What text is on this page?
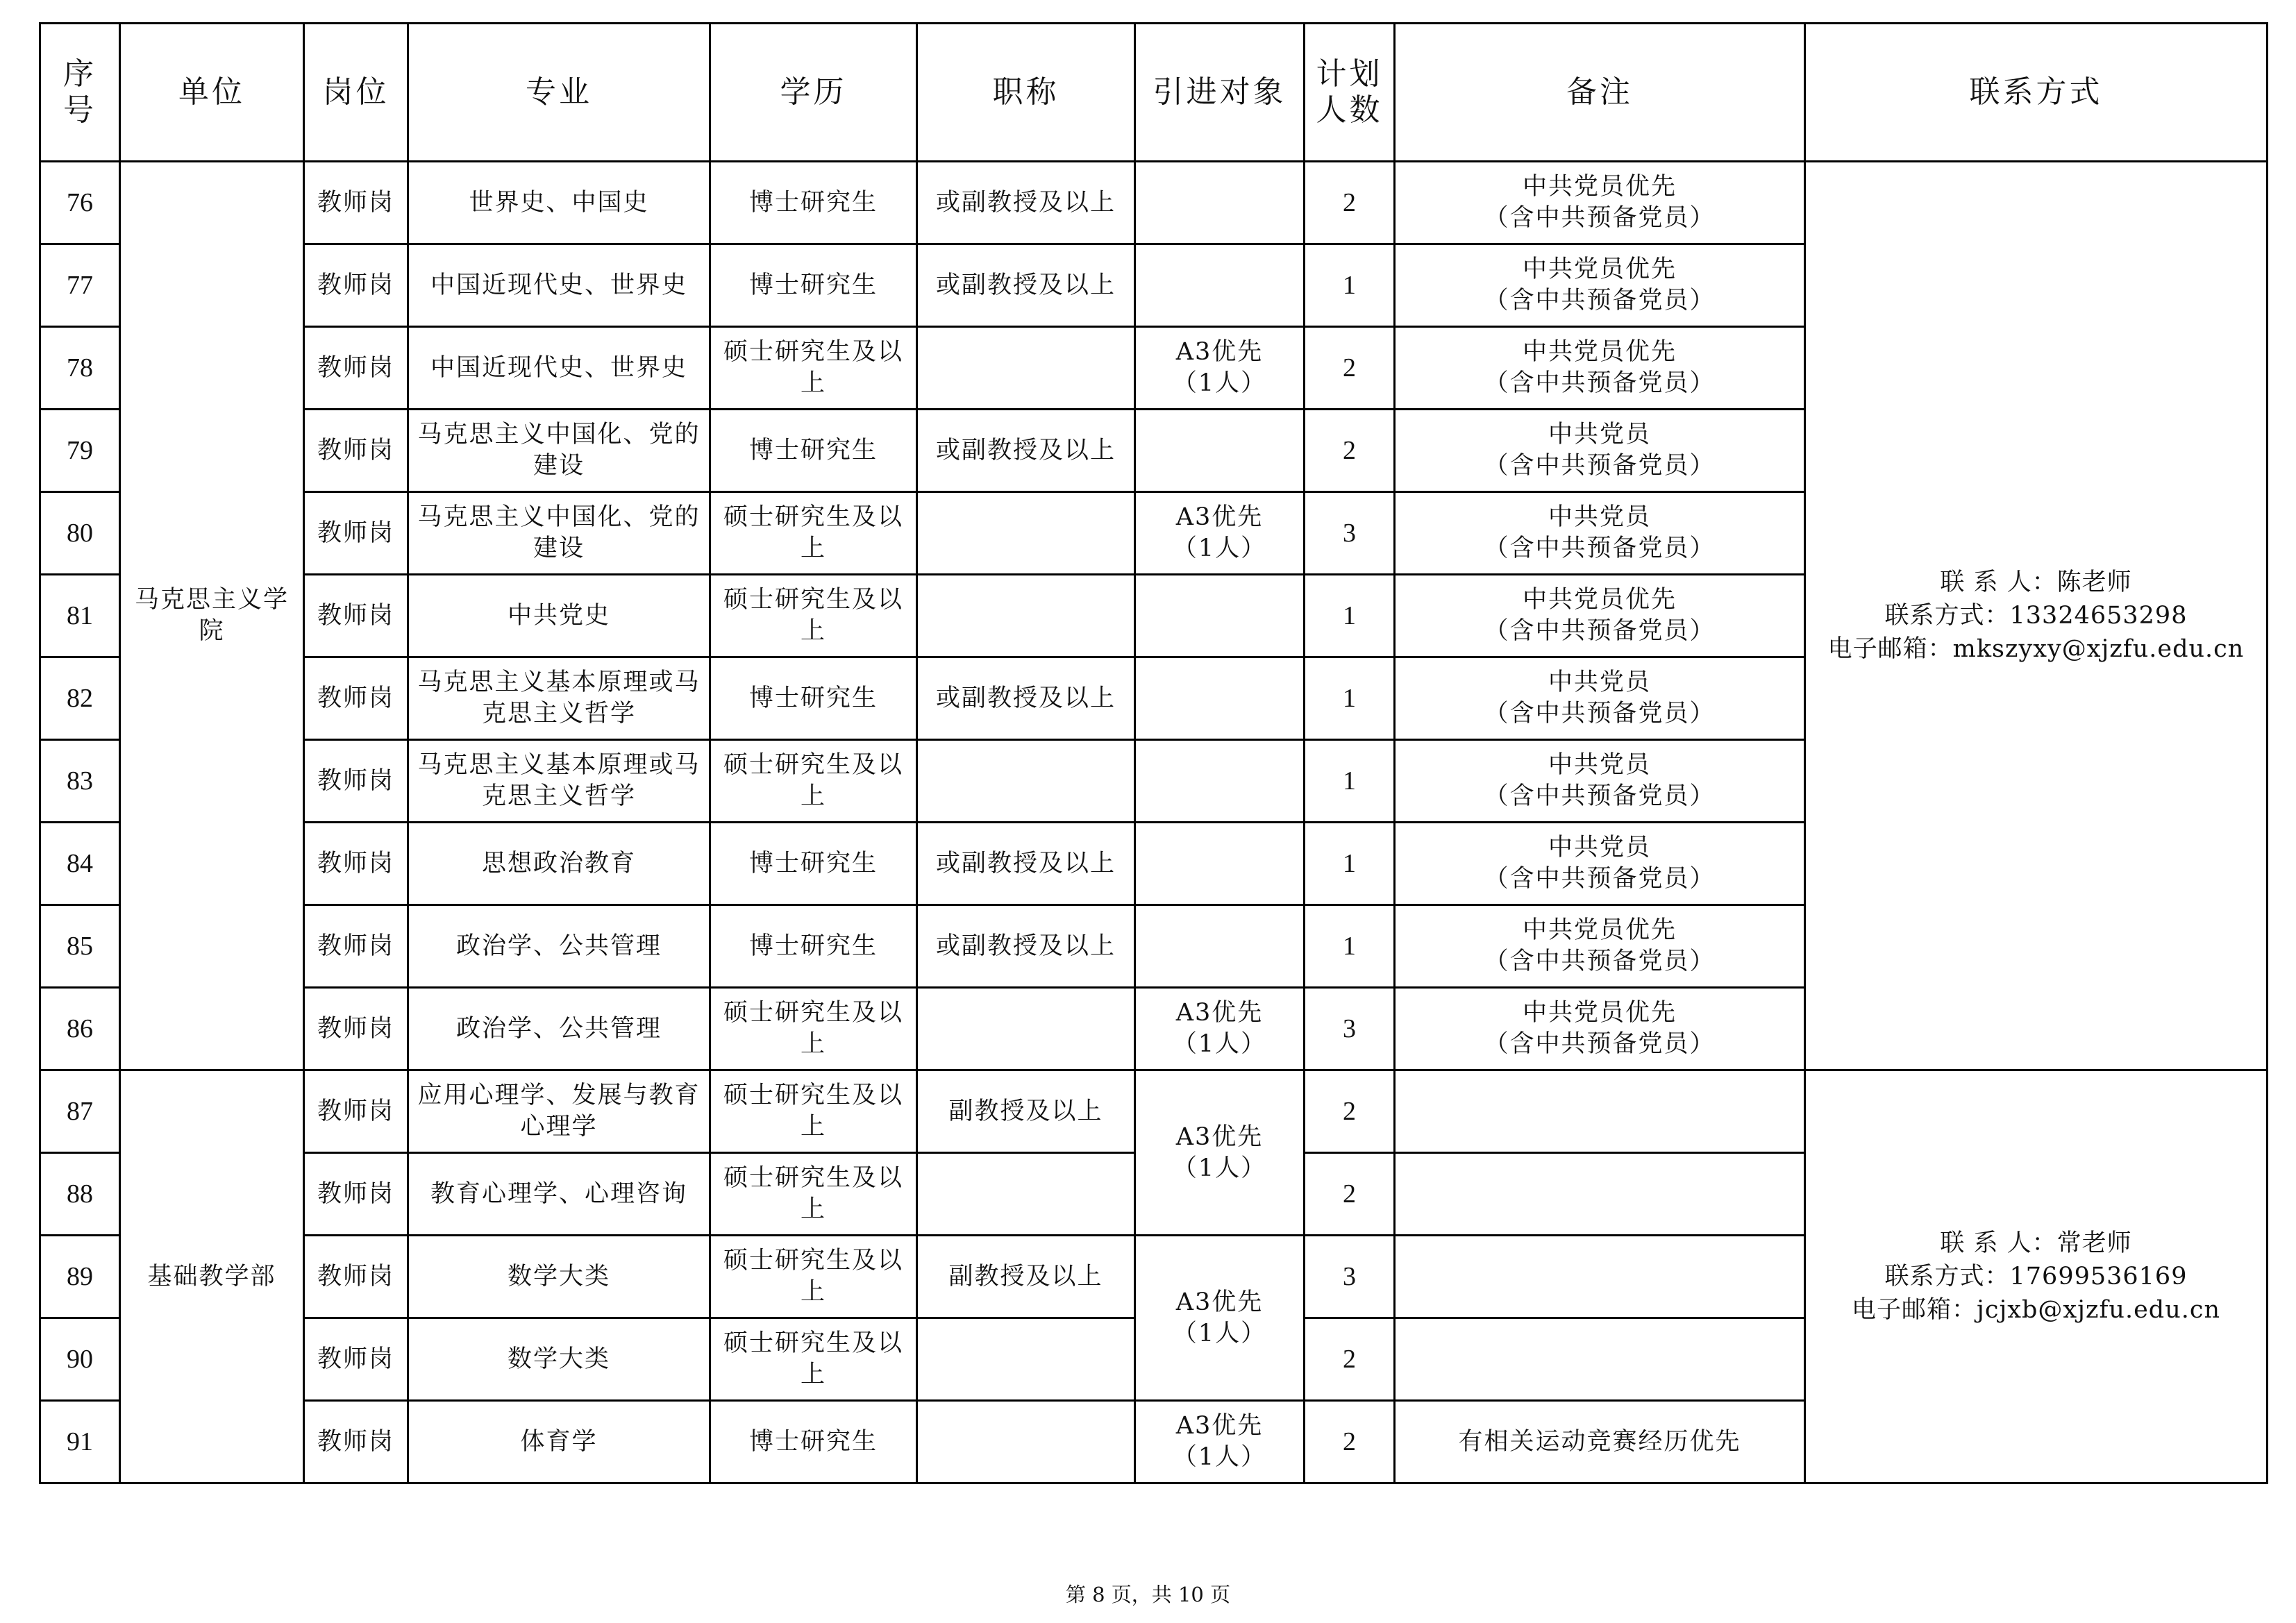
序
号	单位	岗位	专业	学历	职称	引进对象	计划
人数	备注	联系方式
76	马克思主义学院	教师岗	世界史、中国史	博士研究生	或副教授及以上		2	中共党员优先
（含中共预备党员）	联 系 人：陈老师
联系方式：13324653298
电子邮箱：mkszyxy@xjzfu.edu.cn

77		教师岗	中国近现代史、世界史	博士研究生	或副教授及以上		1	中共党员优先
（含中共预备党员）	

78		教师岗	中国近现代史、世界史	硕士研究生及以上		A3优先
（1人）	2	中共党员优先
（含中共预备党员）	

79		教师岗	马克思主义中国化、党的建设	博士研究生	或副教授及以上		2	中共党员
（含中共预备党员）	

80		教师岗	马克思主义中国化、党的建设	硕士研究生及以上		A3优先
（1人）	3	中共党员
（含中共预备党员）	

81		教师岗	中共党史	硕士研究生及以上			1	中共党员优先
（含中共预备党员）	

82		教师岗	马克思主义基本原理或马克思主义哲学	博士研究生	或副教授及以上		1	中共党员
（含中共预备党员）	

83		教师岗	马克思主义基本原理或马克思主义哲学	硕士研究生及以上			1	中共党员
（含中共预备党员）	

84		教师岗	思想政治教育	博士研究生	或副教授及以上		1	中共党员
（含中共预备党员）	

85		教师岗	政治学、公共管理	博士研究生	或副教授及以上		1	中共党员优先
（含中共预备党员）	

86		教师岗	政治学、公共管理	硕士研究生及以上		A3优先
（1人）	3	中共党员优先
（含中共预备党员）	

87	基础教学部	教师岗	应用心理学、发展与教育心理学	硕士研究生及以上	副教授及以上	A3优先
（1人）	2		联 系 人：常老师
联系方式：17699536169
电子邮箱：jcjxb@xjzfu.edu.cn

88		教师岗	教育心理学、心理咨询	硕士研究生及以上			2		

89		教师岗	数学大类	硕士研究生及以上	副教授及以上	A3优先
（1人）	3		

90		教师岗	数学大类	硕士研究生及以上			2		

91		教师岗	体育学	博士研究生		A3优先
（1人）	2	有相关运动竞赛经历优先	
第 8 页，共 10 页
